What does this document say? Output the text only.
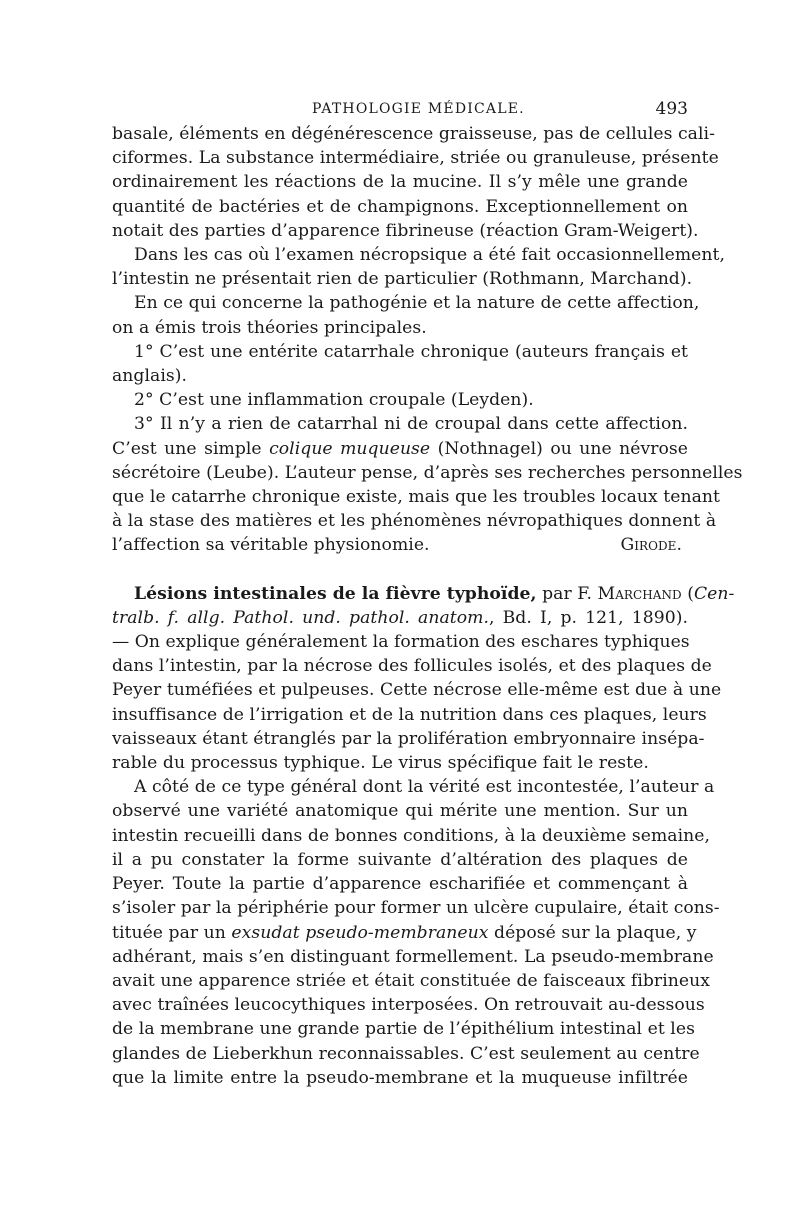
PATHOLOGIE MÉDICALE.	493
basale, éléments en dégénérescence graisseuse, pas de cellules cali-
ciformes. La substance intermédiaire, striée ou granuleuse, présente
ordinairement les réactions de la mucine. Il s’y mêle une grande
quantité de bactéries et de champignons. Exceptionnellement on
notait des parties d’apparence fibrineuse (réaction Gram-Weigert).
Dans les cas où l’examen nécropsique a été fait occasionnellement,
l’intestin ne présentait rien de particulier (Rothmann, Marchand).
En ce qui concerne la pathogénie et la nature de cette affection,
on a émis trois théories principales.
1° C’est une entérite catarrhale chronique (auteurs français et
anglais).
2° C’est une inflammation croupale (Leyden).
3° Il n’y a rien de catarrhal ni de croupal dans cette affection.
C’est une simple colique muqueuse (Nothnagel) ou une névrose
sécrétoire (Leube). L’auteur pense, d’après ses recherches personnelles
que le catarrhe chronique existe, mais que les troubles locaux tenant
à la stase des matières et les phénomènes névropathiques donnent à
l’affection sa véritable physionomie.	Girode.
Lésions intestinales de la fièvre typhoïde, par F. Marchand (Cen-
tralb. f. allg. Pathol. und. pathol. anatom., Bd. I, p. 121, 1890).
— On explique généralement la formation des eschares typhiques
dans l’intestin, par la nécrose des follicules isolés, et des plaques de
Peyer tuméfiées et pulpeuses. Cette nécrose elle-même est due à une
insuffisance de l’irrigation et de la nutrition dans ces plaques, leurs
vaisseaux étant étranglés par la prolifération embryonnaire insépa-
rable du processus typhique. Le virus spécifique fait le reste.
A côté de ce type général dont la vérité est incontestée, l’auteur a
observé une variété anatomique qui mérite une mention. Sur un
intestin recueilli dans de bonnes conditions, à la deuxième semaine,
il a pu constater la forme suivante d’altération des plaques de
Peyer. Toute la partie d’apparence escharifiée et commençant à
s’isoler par la périphérie pour former un ulcère cupulaire, était cons-
tituée par un exsudat pseudo-membraneux déposé sur la plaque, y
adhérant, mais s’en distinguant formellement. La pseudo-membrane
avait une apparence striée et était constituée de faisceaux fibrineux
avec traînées leucocythiques interposées. On retrouvait au-dessous
de la membrane une grande partie de l’épithélium intestinal et les
glandes de Lieberkhun reconnaissables. C’est seulement au centre
que la limite entre la pseudo-membrane et la muqueuse infiltrée
